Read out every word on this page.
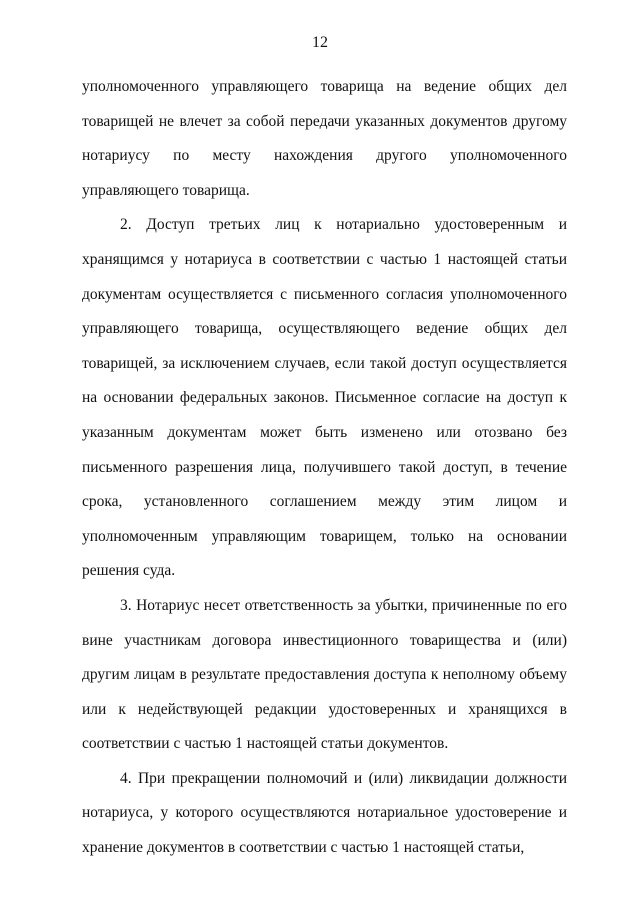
12

уполномоченного управляющего товарища на ведение общих дел товарищей не влечет за собой передачи указанных документов другому нотариусу по месту нахождения другого уполномоченного управляющего товарища.

2. Доступ третьих лиц к нотариально удостоверенным и хранящимся у нотариуса в соответствии с частью 1 настоящей статьи документам осуществляется с письменного согласия уполномоченного управляющего товарища, осуществляющего ведение общих дел товарищей, за исключением случаев, если такой доступ осуществляется на основании федеральных законов. Письменное согласие на доступ к указанным документам может быть изменено или отозвано без письменного разрешения лица, получившего такой доступ, в течение срока, установленного соглашением между этим лицом и уполномоченным управляющим товарищем, только на основании решения суда.

3. Нотариус несет ответственность за убытки, причиненные по его вине участникам договора инвестиционного товарищества и (или) другим лицам в результате предоставления доступа к неполному объему или к недействующей редакции удостоверенных и хранящихся в соответствии с частью 1 настоящей статьи документов.

4. При прекращении полномочий и (или) ликвидации должности нотариуса, у которого осуществляются нотариальное удостоверение и хранение документов в соответствии с частью 1 настоящей статьи,
